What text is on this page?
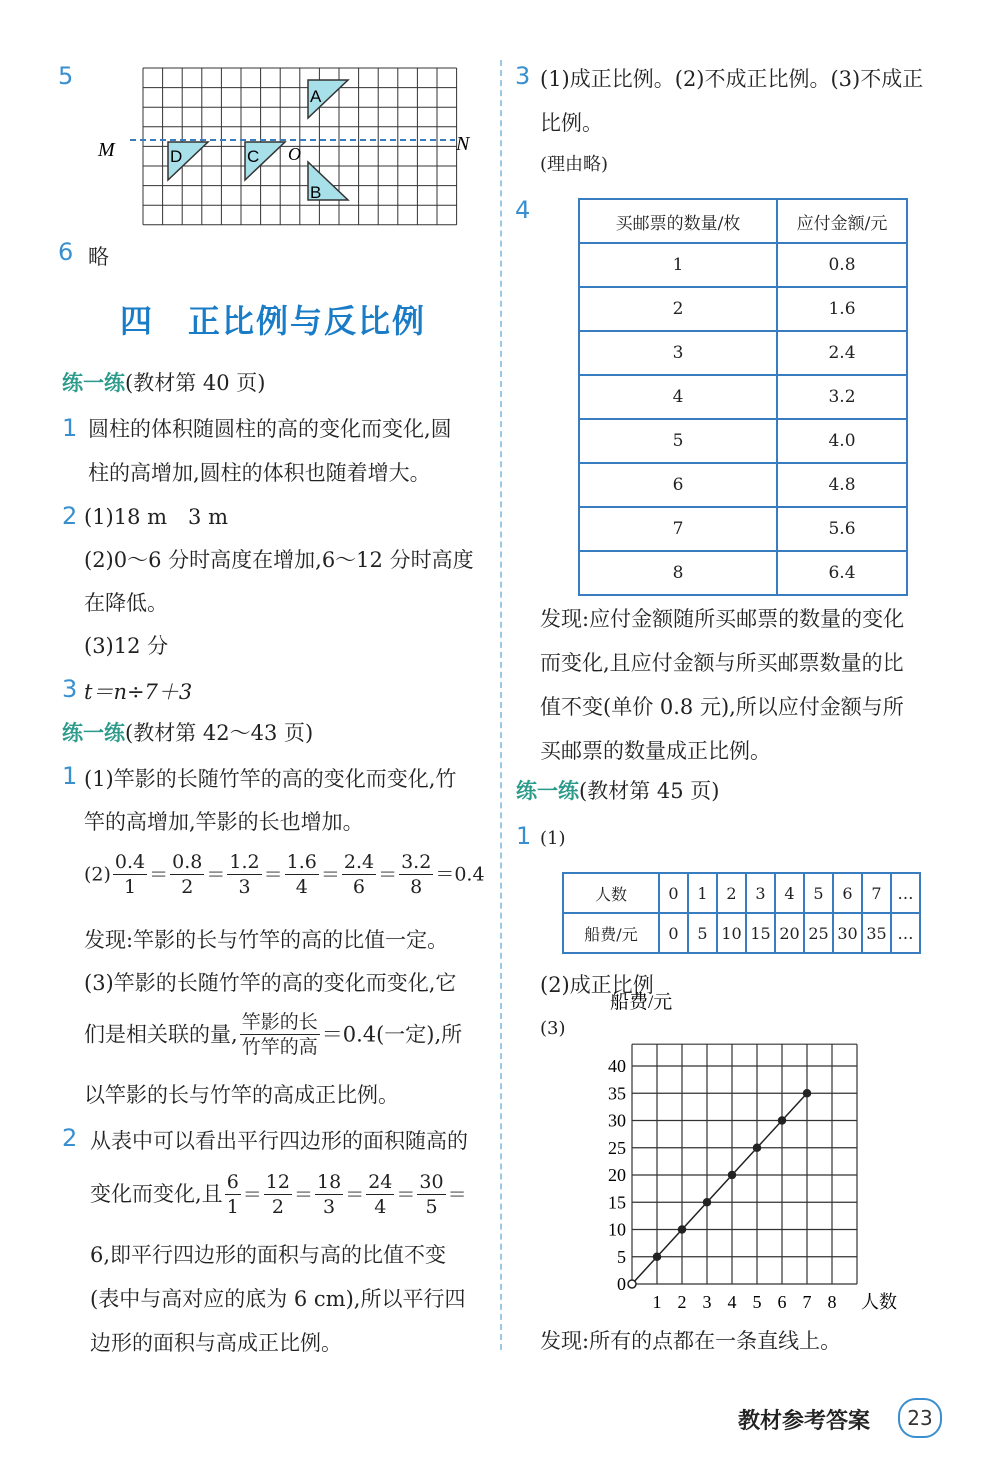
5
M	N
O
A
B
C
D
6 略
四　正比例与反比例
练一练(教材第 40 页)
1 圆柱的体积随圆柱的高的变化而变化,圆
柱的高增加,圆柱的体积也随着增大。
2 (1)18 m　3 m
(2)0～6 分时高度在增加,6～12 分时高度
在降低。
(3)12 分
3 t＝n÷7＋3
练一练(教材第 42～43 页)
1 (1)竿影的长随竹竿的高的变化而变化,竹
竿的高增加,竿影的长也增加。
$(2) \frac{0.4}{1} = \frac{0.8}{2} = \frac{1.2}{3} = \frac{1.6}{4} = \frac{2.4}{6} = \frac{3.2}{8} =0.4$
发现:竿影的长与竹竿的高的比值一定。
(3)竿影的长随竹竿的高的变化而变化,它
们是相关联的量, $\frac{\text{竿影的长}}{\text{竹竿的高}} =0.4$(一定),所
以竿影的长与竹竿的高成正比例。
2 从表中可以看出平行四边形的面积随高的
变化而变化,且 $\frac{6}{1} = \frac{12}{2} = \frac{18}{3} = \frac{24}{4} = \frac{30}{5}$ ＝
6,即平行四边形的面积与高的比值不变
(表中与高对应的底为 6 cm),所以平行四
边形的面积与高成正比例。
3 (1)成正比例。(2)不成正比例。(3)不成正
比例。
(理由略)
4	买邮票的数量/枚	应付金额/元
1	0.8
2	1.6
3	2.4
4	3.2
5	4.0
6	4.8
7	5.6
8	6.4
发现:应付金额随所买邮票的数量的变化
而变化,且应付金额与所买邮票数量的比
值不变(单价 0.8 元),所以应付金额与所
买邮票的数量成正比例。
练一练(教材第 45 页)
1 (1)
人数	0	1	2	3	4	5	6	7	…
船费/元	0	5	10	15	20	25	30	35	…
(2)成正比例
(3)
0
5
10
15
20
25
30
35
40
1 2 3 4 5 6 7 8 人数
船费/元
发现:所有的点都在一条直线上。
教材参考答案	23
